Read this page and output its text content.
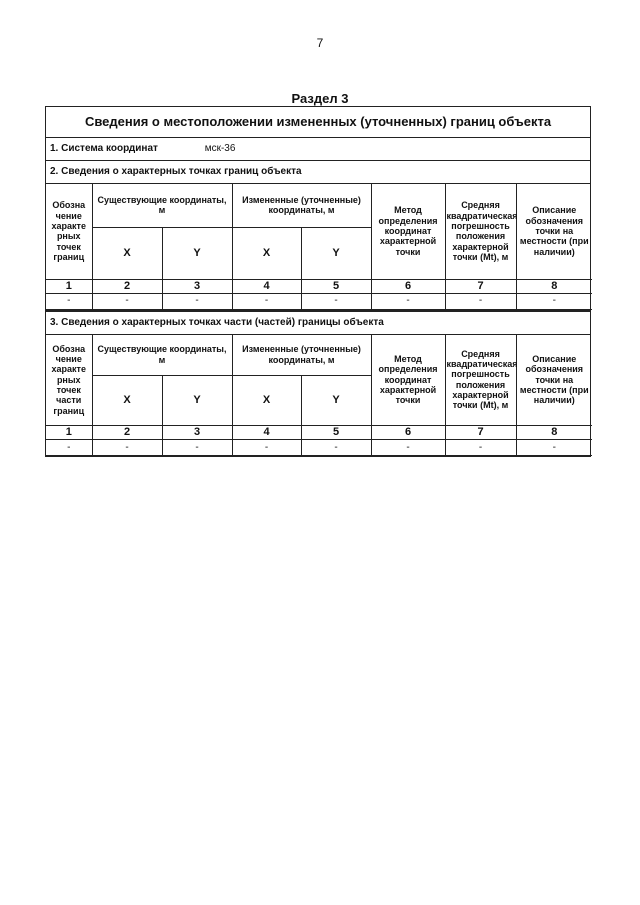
7
Раздел 3
Сведения о местоположении измененных (уточненных) границ объекта
1. Система координат	мск-36
2. Сведения о характерных точках границ объекта
Обозна чение характе рных точек границ	Существующие координаты, м		Измененные (уточненные) координаты, м		Метод определения координат характерной точки	Средняя квадратическая погрешность положения характерной точки (Mt), м	Описание обозначения точки на местности (при наличии)
	X	Y	X	Y			
1	2	3	4	5	6	7	8
-	-	-	-	-	-	-	-
3. Сведения о характерных точках части (частей) границы объекта
Обозна чение характе рных точек части границ	Существующие координаты, м		Измененные (уточненные) координаты, м		Метод определения координат характерной точки	Средняя квадратическая погрешность положения характерной точки (Mt), м	Описание обозначения точки на местности (при наличии)
	X	Y	X	Y			
1	2	3	4	5	6	7	8
-	-	-	-	-	-	-	-
